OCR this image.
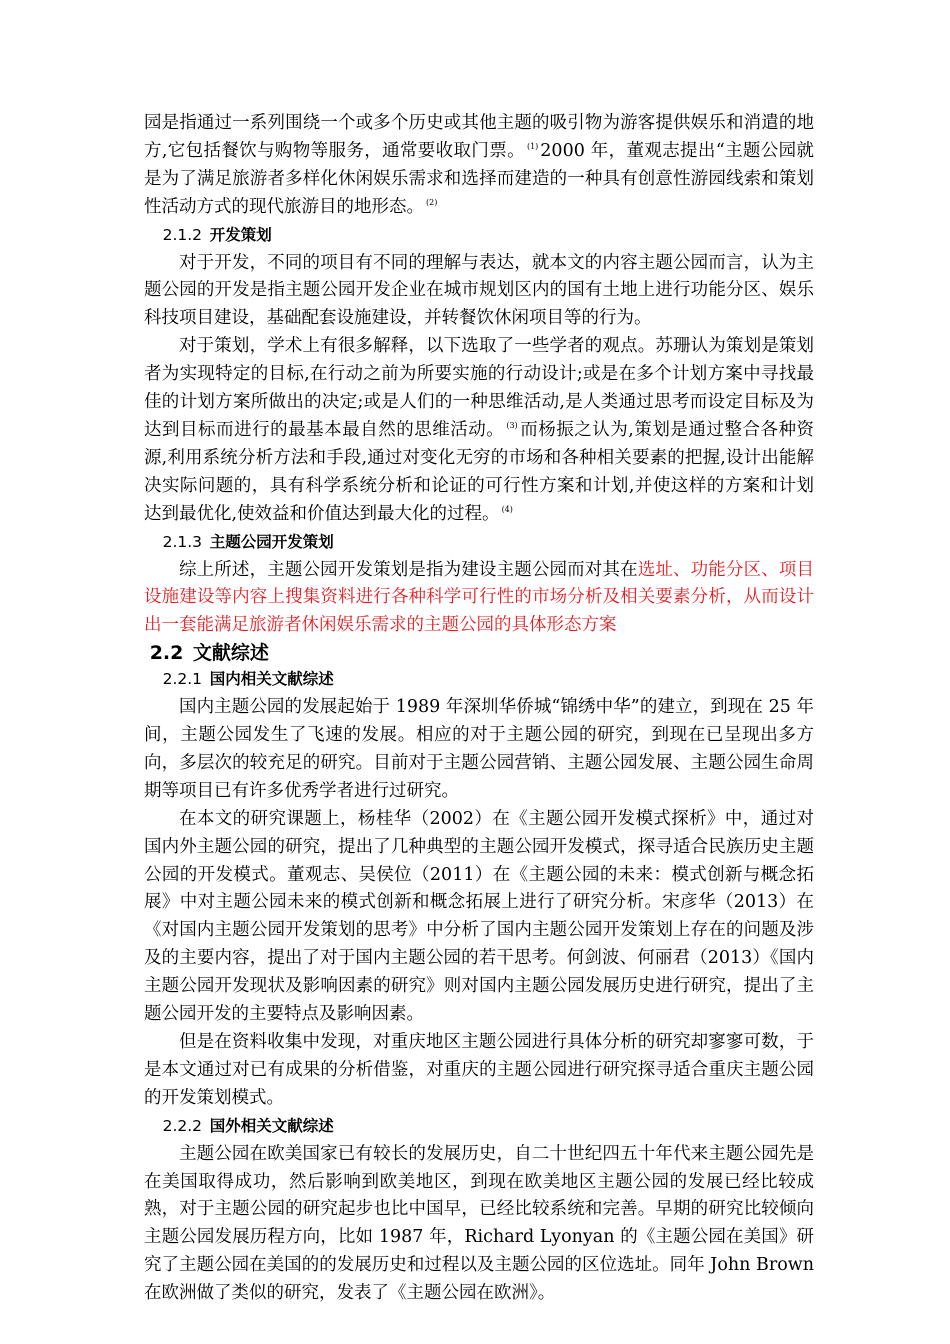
园是指通过一系列围绕一个或多个历史或其他主题的吸引物为游客提供娱乐和消遣的地方,它包括餐饮与购物等服务，通常要收取门票。 $^{(1)}$ 2000 年，董观志提出“主题公园就是为了满足旅游者多样化休闲娱乐需求和选择而建造的一种具有创意性游园线索和策划性活动方式的现代旅游目的地形态。 $^{(2)}$

2.1.2 开发策划

对于开发，不同的项目有不同的理解与表达，就本文的内容主题公园而言，认为主题公园的开发是指主题公园开发企业在城市规划区内的国有土地上进行功能分区、娱乐科技项目建设，基础配套设施建设，并转餐饮休闲项目等的行为。

对于策划，学术上有很多解释，以下选取了一些学者的观点。苏珊认为策划是策划者为实现特定的目标,在行动之前为所要实施的行动设计;或是在多个计划方案中寻找最佳的计划方案所做出的决定;或是人们的一种思维活动,是人类通过思考而设定目标及为达到目标而进行的最基本最自然的思维活动。 $^{(3)}$ 而杨振之认为,策划是通过整合各种资源,利用系统分析方法和手段,通过对变化无穷的市场和各种相关要素的把握,设计出能解决实际问题的，具有科学系统分析和论证的可行性方案和计划,并使这样的方案和计划达到最优化,使效益和价值达到最大化的过程。 $^{(4)}$

2.1.3 主题公园开发策划

综上所述，主题公园开发策划是指为建设主题公园而对其在选址、功能分区、项目设施建设等内容上搜集资料进行各种科学可行性的市场分析及相关要素分析，从而设计出一套能满足旅游者休闲娱乐需求的主题公园的具体形态方案

2.2 文献综述
2.2.1 国内相关文献综述

国内主题公园的发展起始于 1989 年深圳华侨城“锦绣中华”的建立，到现在 25 年间，主题公园发生了飞速的发展。相应的对于主题公园的研究，到现在已呈现出多方向，多层次的较充足的研究。目前对于主题公园营销、主题公园发展、主题公园生命周期等项目已有许多优秀学者进行过研究。

在本文的研究课题上，杨桂华（2002）在《主题公园开发模式探析》中，通过对国内外主题公园的研究，提出了几种典型的主题公园开发模式，探寻适合民族历史主题公园的开发模式。董观志、吴侯位（2011）在《主题公园的未来：模式创新与概念拓展》中对主题公园未来的模式创新和概念拓展上进行了研究分析。宋彦华（2013）在《对国内主题公园开发策划的思考》中分析了国内主题公园开发策划上存在的问题及涉及的主要内容，提出了对于国内主题公园的若干思考。何剑波、何丽君（2013）《国内主题公园开发现状及影响因素的研究》则对国内主题公园发展历史进行研究，提出了主题公园开发的主要特点及影响因素。

但是在资料收集中发现，对重庆地区主题公园进行具体分析的研究却寥寥可数，于是本文通过对已有成果的分析借鉴，对重庆的主题公园进行研究探寻适合重庆主题公园的开发策划模式。

2.2.2 国外相关文献综述

主题公园在欧美国家已有较长的发展历史，自二十世纪四五十年代来主题公园先是在美国取得成功，然后影响到欧美地区，到现在欧美地区主题公园的发展已经比较成熟，对于主题公园的研究起步也比中国早，已经比较系统和完善。早期的研究比较倾向主题公园发展历程方向，比如 1987 年，Richard Lyonyan 的《主题公园在美国》研究了主题公园在美国的的发展历史和过程以及主题公园的区位选址。同年 John Brown 在欧洲做了类似的研究，发表了《主题公园在欧洲》。
